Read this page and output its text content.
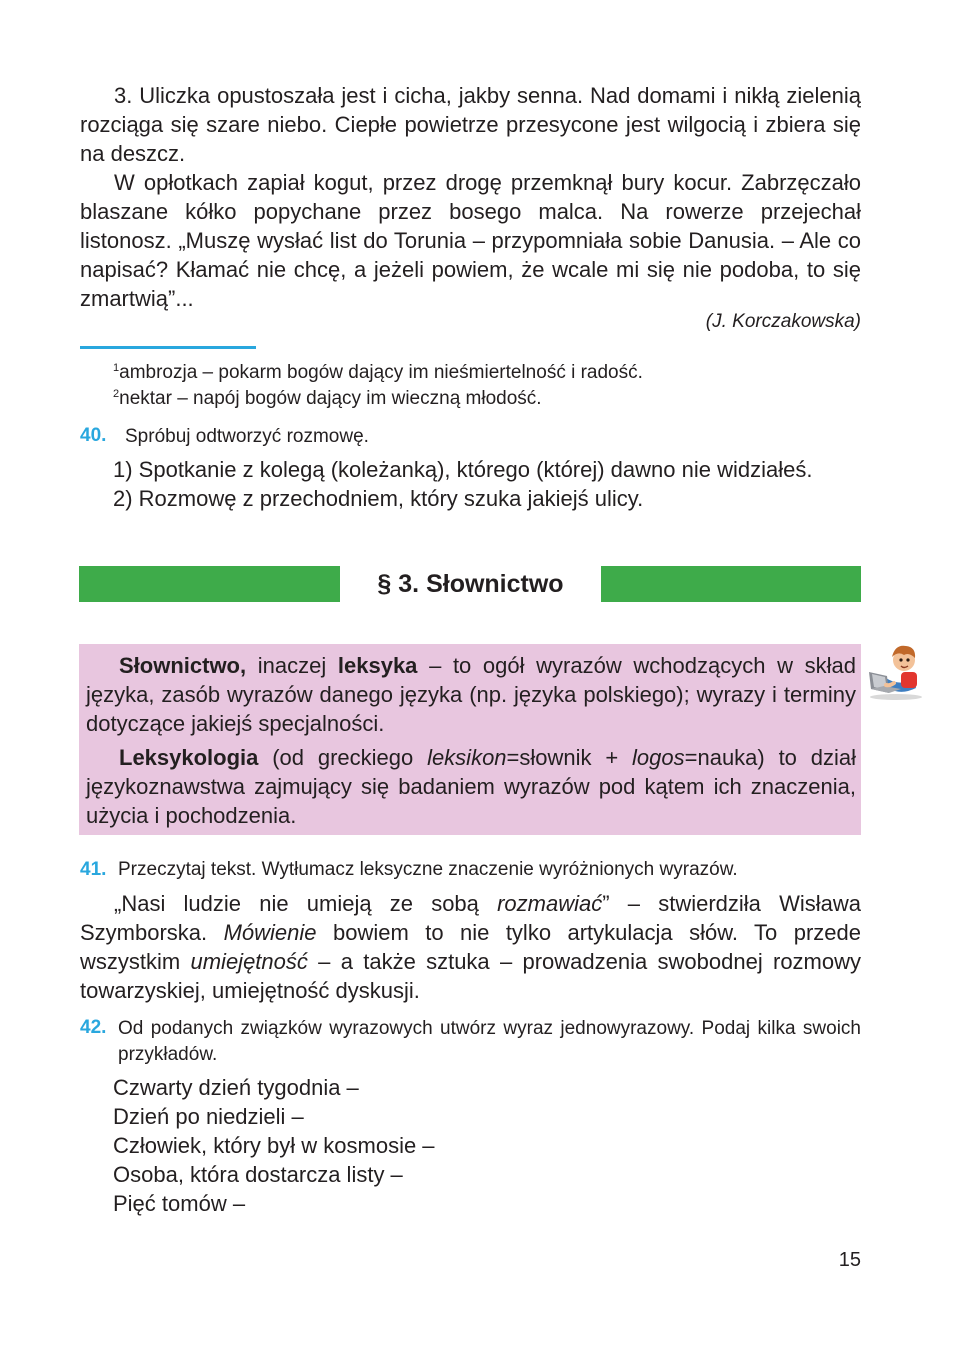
3. Uliczka opustoszała jest i cicha, jakby senna. Nad domami i nikłą zielenią rozciąga się szare niebo. Ciepłe powietrze przesycone jest wilgocią i zbiera się na deszcz.

W opłotkach zapiał kogut, przez drogę przemknął bury kocur. Zabrzęczało blaszane kółko popychane przez bosego malca. Na rowerze przejechał listonosz. „Muszę wysłać list do Torunia – przypomniała sobie Danusia. – Ale co napisać? Kłamać nie chcę, a jeżeli powiem, że wcale mi się nie podoba, to się zmartwią”...

(J. Korczakowska)
$^1$ambrozja – pokarm bogów dający im nieśmiertelność i radość.
$^2$nektar – napój bogów dający im wieczną młodość.
40. Spróbuj odtworzyć rozmowę.
1) Spotkanie z kolegą (koleżanką), którego (której) dawno nie widziałeś.
2) Rozmowę z przechodniem, który szuka jakiejś ulicy.
§ 3. Słownictwo

Słownictwo, inaczej leksyka – to ogół wyrazów wchodzących w skład języka, zasób wyrazów danego języka (np. języka polskiego); wyrazy i terminy dotyczące jakiejś specjalności.

Leksykologia (od greckiego leksikon=słownik + logos=nauka) to dział językoznawstwa zajmujący się badaniem wyrazów pod kątem ich znaczenia, użycia i pochodzenia.

41. Przeczytaj tekst. Wytłumacz leksyczne znaczenie wyróżnionych wyrazów.

„Nasi ludzie nie umieją ze sobą rozmawiać” – stwierdziła Wisława Szymborska. Mówienie bowiem to nie tylko artykulacja słów. To przede wszystkim umiejętność – a także sztuka – prowadzenia swobodnej rozmowy towarzyskiej, umiejętność dyskusji.

42. Od podanych związków wyrazowych utwórz wyraz jednowyrazowy. Podaj kilka swoich przykładów.

Czwarty dzień tygodnia –
Dzień po niedzieli –
Człowiek, który był w kosmosie –
Osoba, która dostarcza listy –
Pięć tomów –
15
